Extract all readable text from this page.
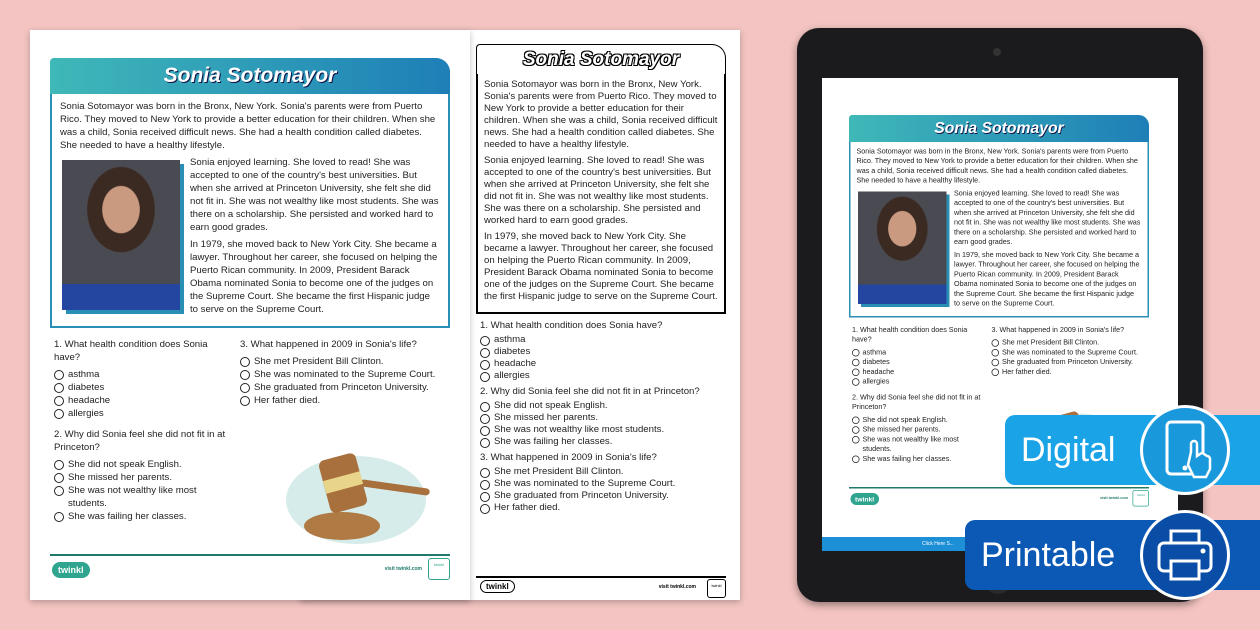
Sonia Sotomayor

Sonia Sotomayor was born in the Bronx, New York. Sonia's parents were from Puerto Rico. They moved to New York to provide a better education for their children. When she was a child, Sonia received difficult news. She had a health condition called diabetes. She needed to have a healthy lifestyle.

Sonia enjoyed learning. She loved to read! She was accepted to one of the country's best universities. But when she arrived at Princeton University, she felt she did not fit in. She was not wealthy like most students. She was there on a scholarship. She persisted and worked hard to earn good grades.

In 1979, she moved back to New York City. She became a lawyer. Throughout her career, she focused on helping the Puerto Rican community. In 2009, President Barack Obama nominated Sonia to become one of the judges on the Supreme Court. She became the first Hispanic judge to serve on the Supreme Court.

1. What health condition does Sonia have?
asthma
diabetes
headache
allergies
2. Why did Sonia feel she did not fit in at Princeton?
She did not speak English.
She missed her parents.
She was not wealthy like most students.
She was failing her classes.
3. What happened in 2009 in Sonia's life?
She met President Bill Clinton.
She was nominated to the Supreme Court.
She graduated from Princeton University.
Her father died.
twinkl	visit twinkl.com	twinkl
Sonia Sotomayor

Sonia Sotomayor was born in the Bronx, New York. Sonia's parents were from Puerto Rico. They moved to New York to provide a better education for their children. When she was a child, Sonia received difficult news. She had a health condition called diabetes. She needed to have a healthy lifestyle.

Sonia enjoyed learning. She loved to read! She was accepted to one of the country's best universities. But when she arrived at Princeton University, she felt she did not fit in. She was not wealthy like most students. She was there on a scholarship. She persisted and worked hard to earn good grades.

In 1979, she moved back to New York City. She became a lawyer. Throughout her career, she focused on helping the Puerto Rican community. In 2009, President Barack Obama nominated Sonia to become one of the judges on the Supreme Court. She became the first Hispanic judge to serve on the Supreme Court.

1. What health condition does Sonia have?
asthma
diabetes
headache
allergies
2. Why did Sonia feel she did not fit in at Princeton?
She did not speak English.
She missed her parents.
She was not wealthy like most students.
She was failing her classes.
3. What happened in 2009 in Sonia's life?
She met President Bill Clinton.
She was nominated to the Supreme Court.
She graduated from Princeton University.
Her father died.
twinkl	visit twinkl.com
twinkl
Sonia Sotomayor

Sonia Sotomayor was born in the Bronx, New York. Sonia's parents were from Puerto Rico. They moved to New York to provide a better education for their children. When she was a child, Sonia received difficult news. She had a health condition called diabetes. She needed to have a healthy lifestyle.

Sonia enjoyed learning. She loved to read! She was accepted to one of the country's best universities. But when she arrived at Princeton University, she felt she did not fit in. She was not wealthy like most students. She was there on a scholarship. She persisted and worked hard to earn good grades.

In 1979, she moved back to New York City. She became a lawyer. Throughout her career, she focused on helping the Puerto Rican community. In 2009, President Barack Obama nominated Sonia to become one of the judges on the Supreme Court. She became the first Hispanic judge to serve on the Supreme Court.

1. What health condition does Sonia have?
asthma
diabetes
headache
allergies
2. Why did Sonia feel she did not fit in at Princeton?
She did not speak English.
She missed her parents.
She was not wealthy like most students.
She was failing her classes.
3. What happened in 2009 in Sonia's life?
She met President Bill Clinton.
She was nominated to the Supreme Court.
She graduated from Princeton University.
Her father died.
twinkl	visit twinkl.com
twinkl
Click Here S...
Digital
Printable
